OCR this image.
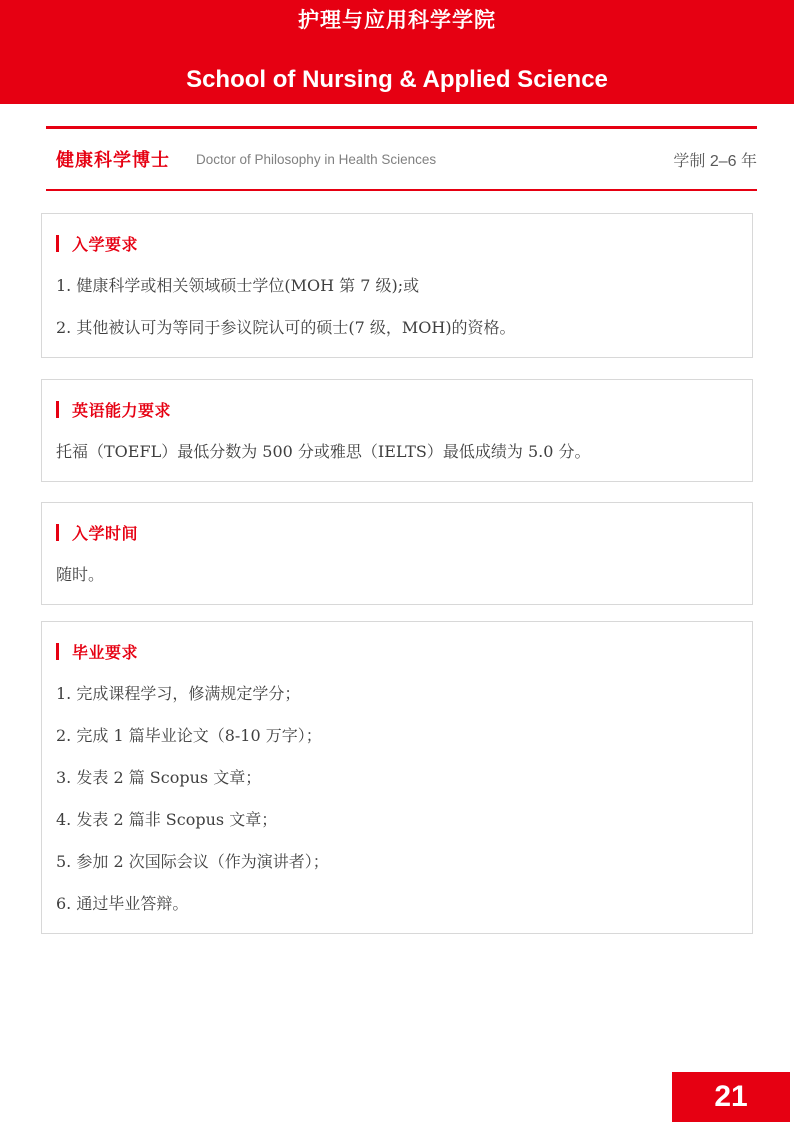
护理与应用科学学院
School of Nursing & Applied Science
健康科学博士 Doctor of Philosophy in Health Sciences	学制 2–6 年
入学要求

1. 健康科学或相关领域硕士学位(MOH 第 7 级);或

2. 其他被认可为等同于参议院认可的硕士(7 级，MOH)的资格。

英语能力要求

托福（TOEFL）最低分数为 500 分或雅思（IELTS）最低成绩为 5.0 分。

入学时间

随时。

毕业要求

1. 完成课程学习，修满规定学分；

2. 完成 1 篇毕业论文（8-10 万字）；

3. 发表 2 篇 Scopus 文章；

4. 发表 2 篇非 Scopus 文章；

5. 参加 2 次国际会议（作为演讲者）；

6. 通过毕业答辩。

21
